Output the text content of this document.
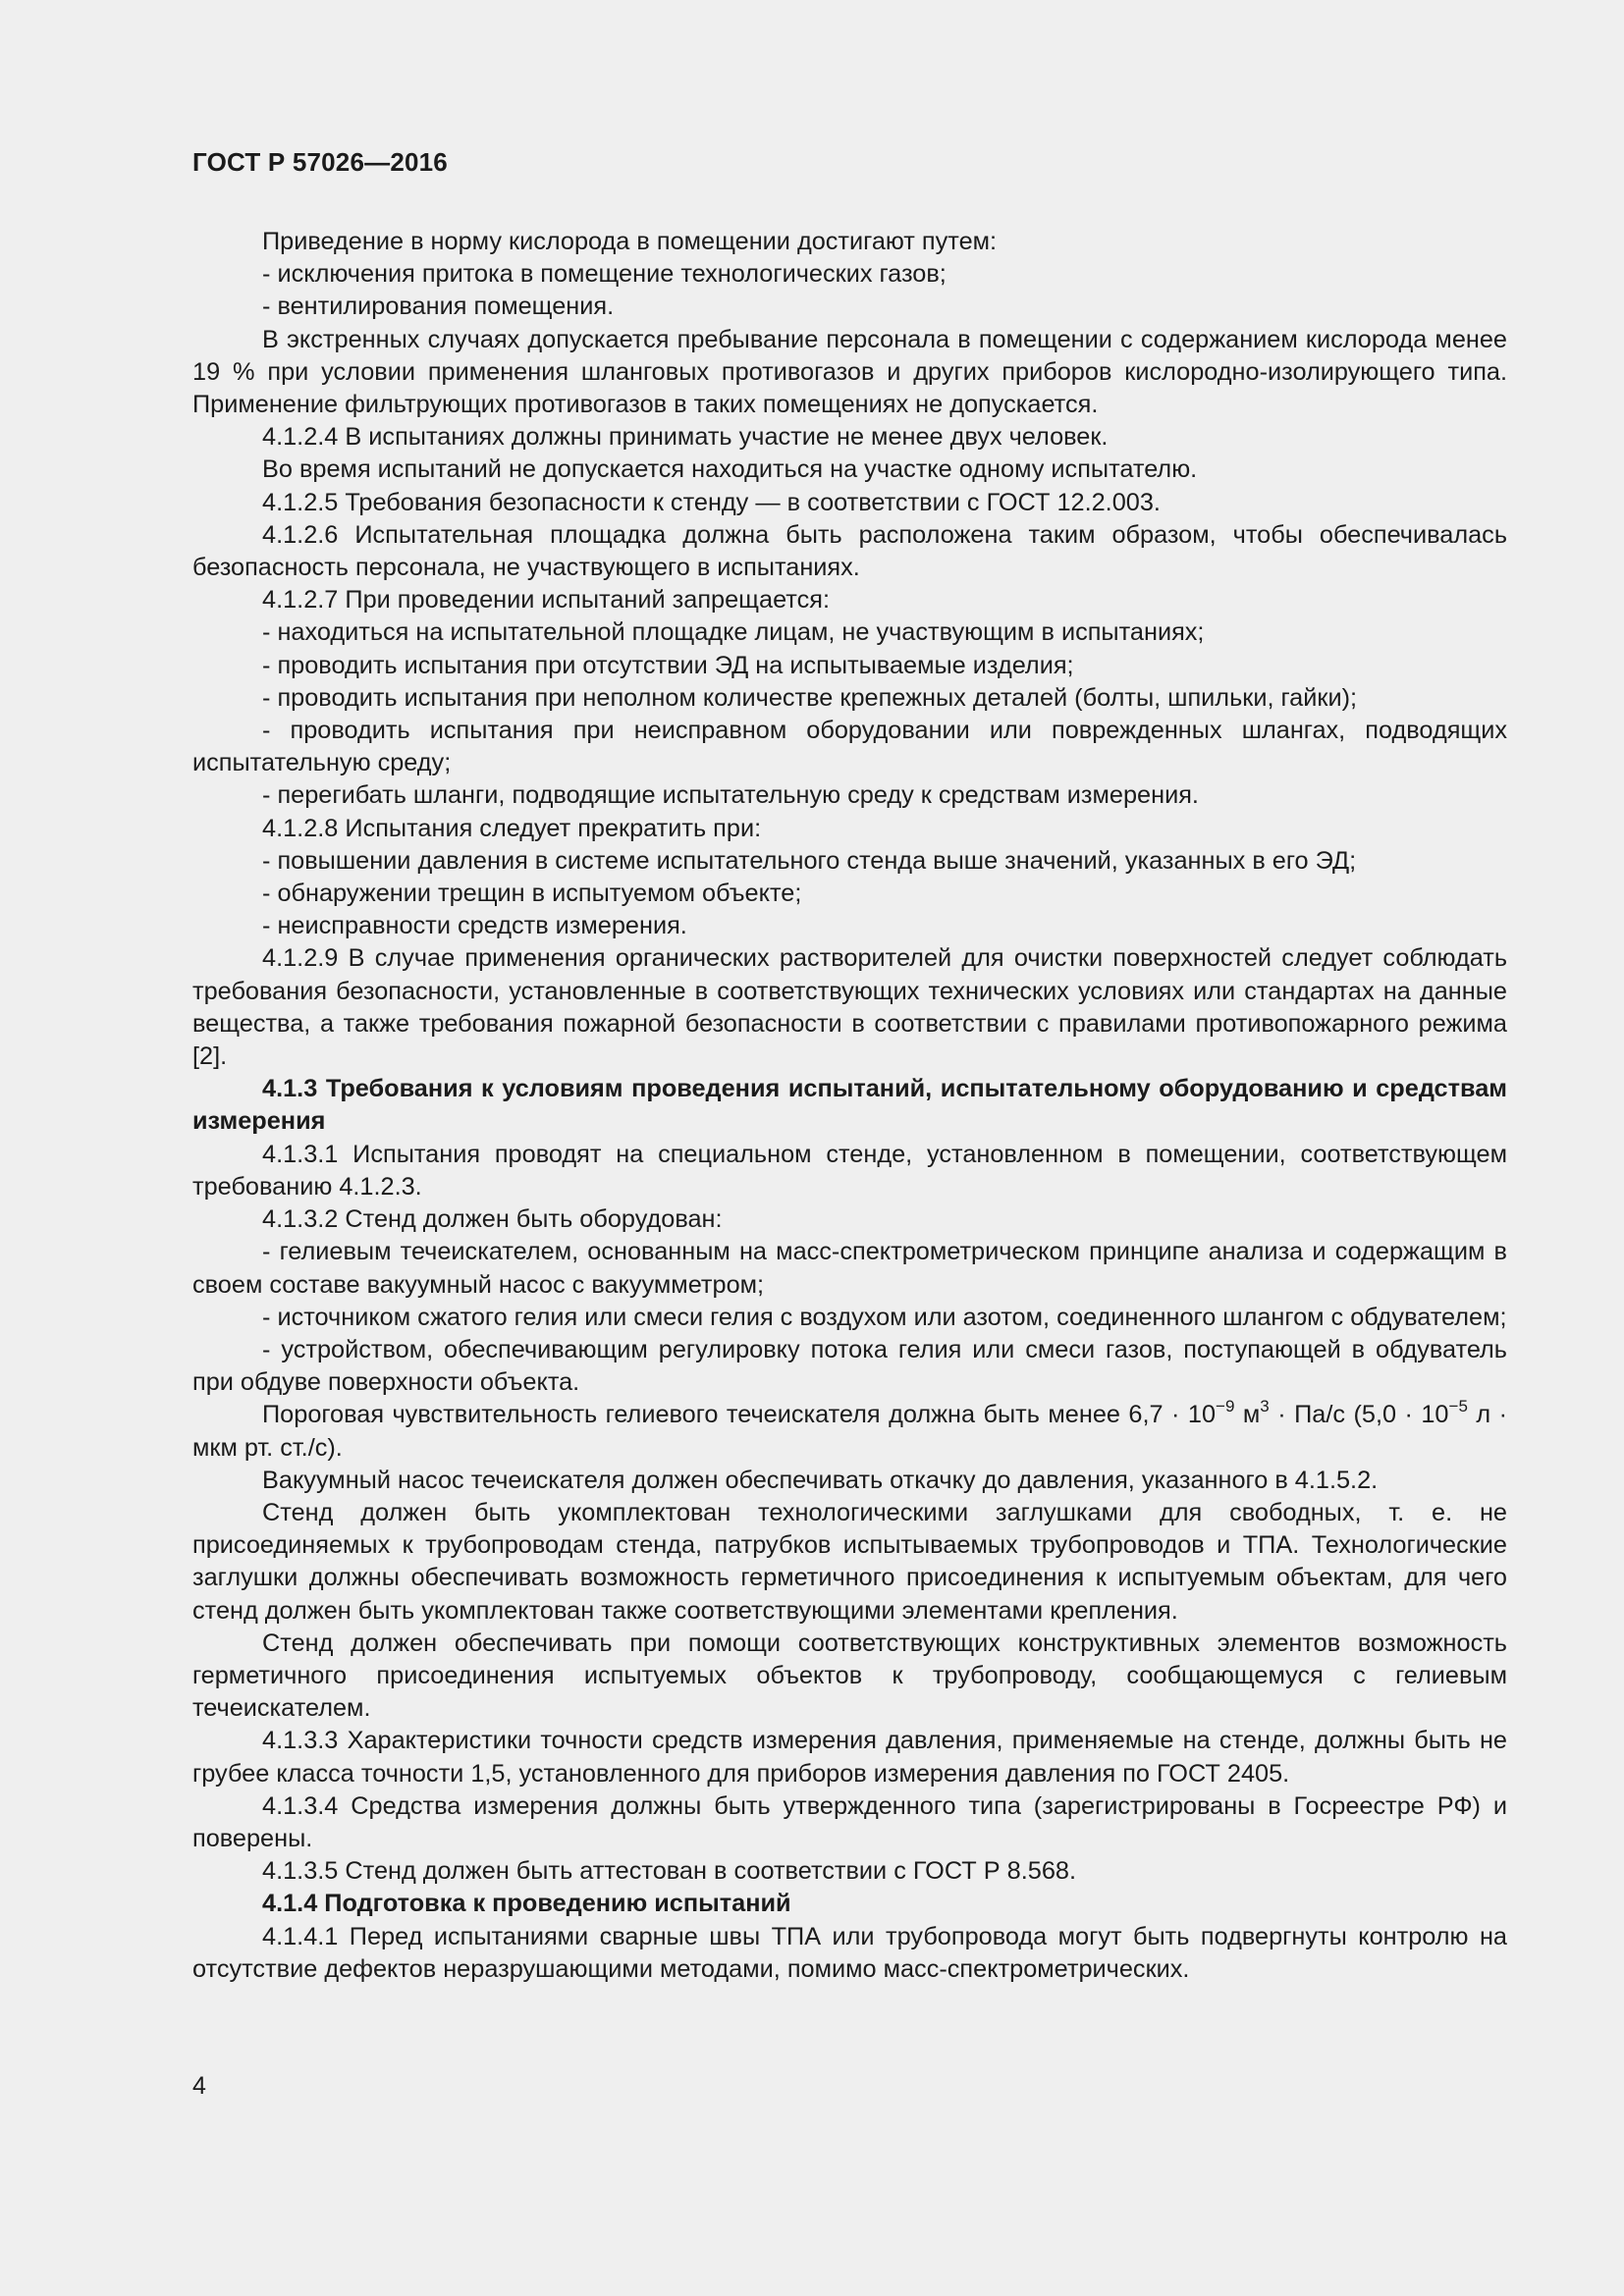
ГОСТ Р 57026—2016

Приведение в норму кислорода в помещении достигают путем:

- исключения притока в помещение технологических газов;

- вентилирования помещения.

В экстренных случаях допускается пребывание персонала в помещении с содержанием кислорода менее 19 % при условии применения шланговых противогазов и других приборов кислородно-изолирующего типа. Применение фильтрующих противогазов в таких помещениях не допускается.

4.1.2.4 В испытаниях должны принимать участие не менее двух человек.

Во время испытаний не допускается находиться на участке одному испытателю.

4.1.2.5 Требования безопасности к стенду — в соответствии с ГОСТ 12.2.003.

4.1.2.6 Испытательная площадка должна быть расположена таким образом, чтобы обеспечивалась безопасность персонала, не участвующего в испытаниях.

4.1.2.7 При проведении испытаний запрещается:

- находиться на испытательной площадке лицам, не участвующим в испытаниях;

- проводить испытания при отсутствии ЭД на испытываемые изделия;

- проводить испытания при неполном количестве крепежных деталей (болты, шпильки, гайки);

- проводить испытания при неисправном оборудовании или поврежденных шлангах, подводящих испытательную среду;

- перегибать шланги, подводящие испытательную среду к средствам измерения.

4.1.2.8 Испытания следует прекратить при:

- повышении давления в системе испытательного стенда выше значений, указанных в его ЭД;

- обнаружении трещин в испытуемом объекте;

- неисправности средств измерения.

4.1.2.9 В случае применения органических растворителей для очистки поверхностей следует соблюдать требования безопасности, установленные в соответствующих технических условиях или стандартах на данные вещества, а также требования пожарной безопасности в соответствии с правилами противопожарного режима [2].

4.1.3 Требования к условиям проведения испытаний, испытательному оборудованию и средствам измерения

4.1.3.1 Испытания проводят на специальном стенде, установленном в помещении, соответствующем требованию 4.1.2.3.

4.1.3.2 Стенд должен быть оборудован:

- гелиевым течеискателем, основанным на масс-спектрометрическом принципе анализа и содержащим в своем составе вакуумный насос с вакуумметром;

- источником сжатого гелия или смеси гелия с воздухом или азотом, соединенного шлангом с обдувателем;

- устройством, обеспечивающим регулировку потока гелия или смеси газов, поступающей в обдуватель при обдуве поверхности объекта.

Пороговая чувствительность гелиевого течеискателя должна быть менее $6,7 \cdot 10^{-9}$ $м^3 \cdot Па/с$ ($5,0 \cdot 10^{-5}$ л · мкм рт. ст./с).

Вакуумный насос течеискателя должен обеспечивать откачку до давления, указанного в 4.1.5.2.

Стенд должен быть укомплектован технологическими заглушками для свободных, т. е. не присоединяемых к трубопроводам стенда, патрубков испытываемых трубопроводов и ТПА. Технологические заглушки должны обеспечивать возможность герметичного присоединения к испытуемым объектам, для чего стенд должен быть укомплектован также соответствующими элементами крепления.

Стенд должен обеспечивать при помощи соответствующих конструктивных элементов возможность герметичного присоединения испытуемых объектов к трубопроводу, сообщающемуся с гелиевым течеискателем.

4.1.3.3 Характеристики точности средств измерения давления, применяемые на стенде, должны быть не грубее класса точности 1,5, установленного для приборов измерения давления по ГОСТ 2405.

4.1.3.4 Средства измерения должны быть утвержденного типа (зарегистрированы в Госреестре РФ) и поверены.

4.1.3.5 Стенд должен быть аттестован в соответствии с ГОСТ Р 8.568.

4.1.4 Подготовка к проведению испытаний

4.1.4.1 Перед испытаниями сварные швы ТПА или трубопровода могут быть подвергнуты контролю на отсутствие дефектов неразрушающими методами, помимо масс-спектрометрических.

4
